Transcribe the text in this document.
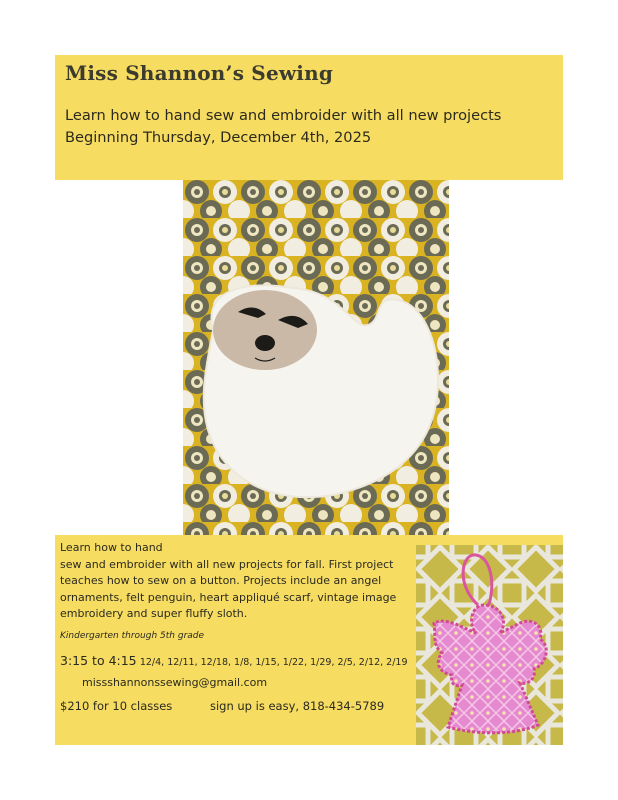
Miss Shannon’s Sewing
Learn how to hand sew and embroider with all new projects
Beginning Thursday, December 4th, 2025
Learn how to hand
sew and embroider with all new projects for fall. First project teaches how to sew on a button. Projects include an angel ornaments, felt penguin, heart appliqué scarf, vintage image embroidery and super fluffy sloth.
Kindergarten through 5th grade
3:15 to 4:15 12/4, 12/11, 12/18, 1/8, 1/15, 1/22, 1/29, 2/5, 2/12, 2/19 missshannonssewing@gmail.com
$210 for 10 classes	sign up is easy, 818-434-5789
